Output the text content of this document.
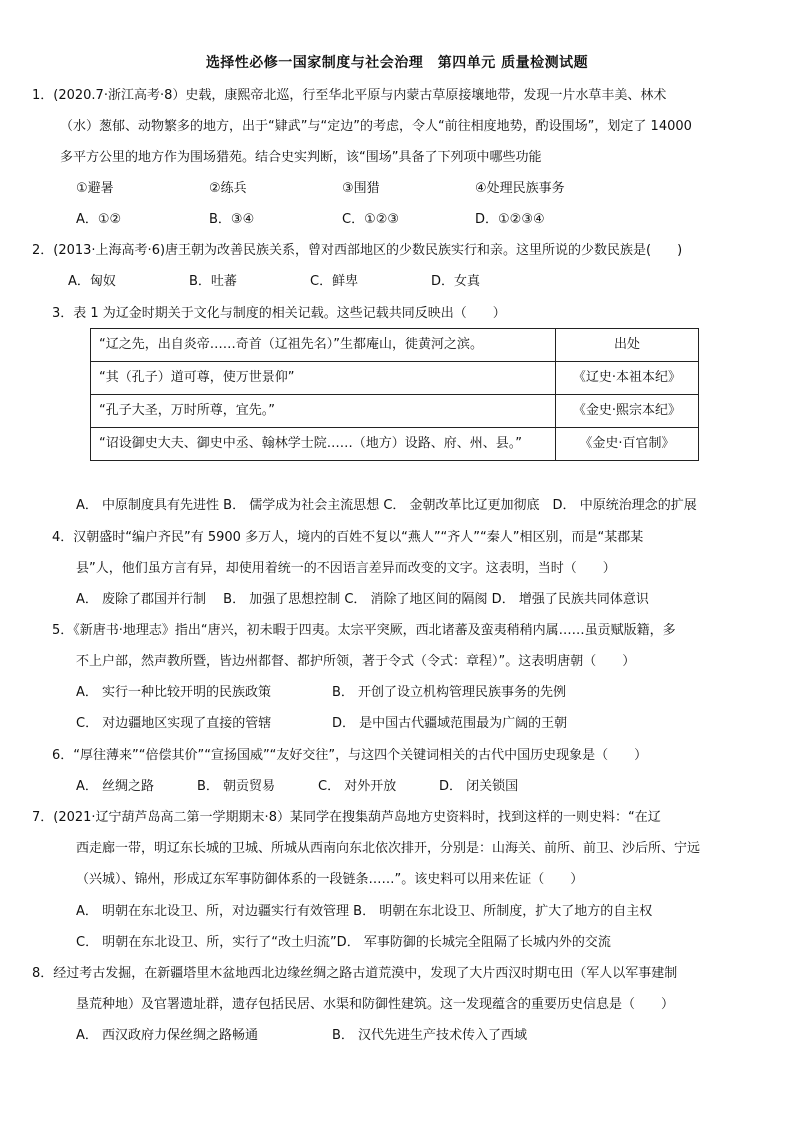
选择性必修一国家制度与社会治理　第四单元 质量检测试题
1．(2020.7·浙江高考·8）史载，康熙帝北巡，行至华北平原与内蒙古草原接壤地带，发现一片水草丰美、林术
（水）葱郁、动物繁多的地方，出于“肄武”与“定边”的考虑，令人“前往相度地势，酌设围场”，划定了 14000
多平方公里的地方作为围场猎苑。结合史实判断，该“围场”具备了下列项中哪些功能
①避暑	②练兵	③围猎	④处理民族事务
A．①②	B．③④	C．①②③	D．①②③④
2．(2013·上海高考·6)唐王朝为改善民族关系，曾对西部地区的少数民族实行和亲。这里所说的少数民族是(　　)
A．匈奴	B．吐蕃	C．鲜卑	D．女真
3．表 1 为辽金时期关于文化与制度的相关记载。这些记载共同反映出（　　）
“辽之先，出自炎帝……奇首（辽祖先名）”生都庵山，徙黄河之滨。	出处
“其（孔子）道可尊，使万世景仰”	《辽史·本祖本纪》
“孔子大圣，万时所尊，宜先。”	《金史·熙宗本纪》
“诏设御史大夫、御史中丞、翰林学士院……（地方）设路、府、州、县。”	《金史·百官制》
A． 中原制度具有先进性 B． 儒学成为社会主流思想 C． 金朝改革比辽更加彻底　D． 中原统治理念的扩展
4．汉朝盛时“编户齐民”有 5900 多万人，境内的百姓不复以“燕人”“齐人”“秦人”相区别，而是“某郡某
县”人，他们虽方言有异，却使用着统一的不因语言差异而改变的文字。这表明，当时（　　）
A． 废除了郡国并行制　 B． 加强了思想控制 C． 消除了地区间的隔阂 D． 增强了民族共同体意识
5．《新唐书·地理志》指出“唐兴，初未暇于四夷。太宗平突厥，西北诸蕃及蛮夷稍稍内属……虽贡赋版籍，多
不上户部，然声教所暨，皆边州都督、都护所领，著于令式（令式：章程）”。这表明唐朝（　　）
A． 实行一种比较开明的民族政策	B． 开创了设立机构管理民族事务的先例
C． 对边疆地区实现了直接的管辖	D． 是中国古代疆域范围最为广阔的王朝
6．“厚往薄来”“倍偿其价”“宣扬国威”“友好交往”，与这四个关键词相关的古代中国历史现象是（　　）
A． 丝绸之路	B． 朝贡贸易	C． 对外开放	D． 闭关锁国
7．(2021·辽宁葫芦岛高二第一学期期末·8）某同学在搜集葫芦岛地方史资料时，找到这样的一则史料：“在辽
西走廊一带，明辽东长城的卫城、所城从西南向东北依次排开，分别是：山海关、前所、前卫、沙后所、宁远
（兴城）、锦州，形成辽东军事防御体系的一段链条……”。该史料可以用来佐证（　　）
A． 明朝在东北设卫、所，对边疆实行有效管理 B． 明朝在东北设卫、所制度，扩大了地方的自主权
C． 明朝在东北设卫、所，实行了“改土归流”D． 军事防御的长城完全阻隔了长城内外的交流
8．经过考古发掘，在新疆塔里木盆地西北边缘丝绸之路古道荒漠中，发现了大片西汉时期屯田（军人以军事建制
垦荒种地）及官署遗址群，遗存包括民居、水渠和防御性建筑。这一发现蕴含的重要历史信息是（　　）
A． 西汉政府力保丝绸之路畅通	B． 汉代先进生产技术传入了西域
